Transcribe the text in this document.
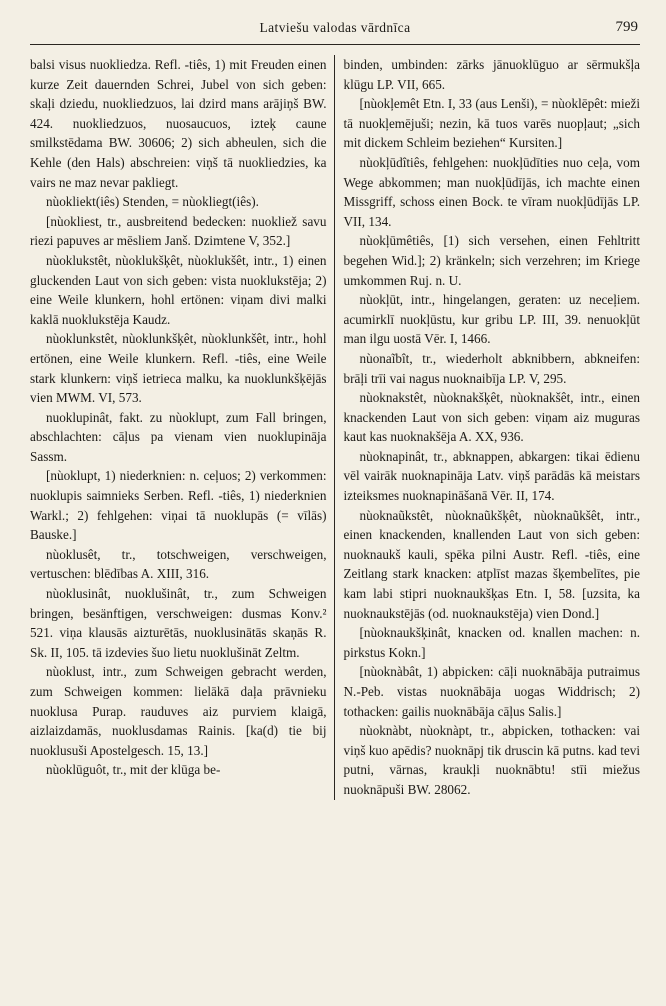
Latviešu valodas vārdnīca	799

balsi visus nuokliedza. Refl. -tiês, 1) mit Freuden einen kurze Zeit dauernden Schrei, Jubel von sich geben: skaļi dziedu, nuokliedzuos, lai dzird mans arājiņš BW. 424. nuokliedzuos, nuosaucuos, izteķ caune smilkstēdama BW. 30606; 2) sich abheulen, sich die Kehle (den Hals) abschreien: viņš tā nuokliedzies, ka vairs ne maz nevar pakliegt.

nùokliekt(iês) Stenden, = nùokliegt(iês).

[nùokliest, tr., ausbreitend bedecken: nuokliež savu riezi papuves ar mēsliem Janš. Dzimtene V, 352.]

nùoklukstêt, nùoklukšķêt, nùoklukšêt, intr., 1) einen gluckenden Laut von sich geben: vista nuoklukstēja; 2) eine Weile klunkern, hohl ertönen: viņam divi malki kaklā nuoklukstēja Kaudz.

nùoklunkstêt, nùoklunkšķêt, nùoklunkšêt, intr., hohl ertönen, eine Weile klunkern. Refl. -tiês, eine Weile stark klunkern: viņš ietrieca malku, ka nuoklunkšķējās vien MWM. VI, 573.

nuoklupinât, fakt. zu nùoklupt, zum Fall bringen, abschlachten: cāļus pa vienam vien nuoklupināja Sassm.

[nùoklupt, 1) niederknien: n. ceļuos; 2) verkommen: nuoklupis saimnieks Serben. Refl. -tiês, 1) niederknien Warkl.; 2) fehlgehen: viņai tā nuoklupās (= vīlās) Bauske.]

nùoklusêt, tr., totschweigen, verschweigen, vertuschen: blēdības A. XIII, 316.

nùoklusinât, nuoklušinât, tr., zum Schweigen bringen, besänftigen, verschweigen: dusmas Konv.² 521. viņa klausās aizturētās, nuoklusinātās skaņās R. Sk. II, 105. tā izdevies šuo lietu nuoklušināt Zeltm.

nùoklust, intr., zum Schweigen gebracht werden, zum Schweigen kommen: lielākā daļa prāvnieku nuoklusa Purap. rauduves aiz purviem klaigā, aizlaizdamās, nuoklusdamas Rainis. [ka(d) tie bij nuoklusuši Apostelgesch. 15, 13.]

nùoklūguôt, tr., mit der klūga be-

binden, umbinden: zārks jānuoklūguo ar sērmukšļa klūgu LP. VII, 665.

[nùokļemêt Etn. I, 33 (aus Lenši), = nùoklēpêt: mieži tā nuokļemējuši; nezin, kā tuos varēs nuopļaut; „sich mit dickem Schleim beziehen“ Kursiten.]

nùokļūdîtiês, fehlgehen: nuokļūdīties nuo ceļa, vom Wege abkommen; man nuokļūdījās, ich machte einen Missgriff, schoss einen Bock. te vīram nuokļūdījās LP. VII, 134.

nùokļūmêtiês, [1) sich versehen, einen Fehltritt begehen Wid.]; 2) kränkeln; sich verzehren; im Kriege umkommen Ruj. n. U.

nùokļūt, intr., hingelangen, geraten: uz neceļiem. acumirklī nuokļūstu, kur gribu LP. III, 39. nenuokļūt man ilgu uostā Vēr. I, 1466.

nùonaĩbît, tr., wiederholt abknibbern, abkneifen: brāļi trīi vai nagus nuoknaibīja LP. V, 295.

nùoknakstêt, nùoknakšķêt, nùoknakšêt, intr., einen knackenden Laut von sich geben: viņam aiz muguras kaut kas nuoknakšēja A. XX, 936.

nùoknapinât, tr., abknappen, abkargen: tikai ēdienu vēl vairāk nuoknapināja Latv. viņš parādās kā meistars izteiksmes nuoknapināšanā Vēr. II, 174.

nùoknaũkstêt, nùoknaũkšķêt, nùoknaũkšêt, intr., einen knackenden, knallenden Laut von sich geben: nuoknaukš kauli, spēka pilni Austr. Refl. -tiês, eine Zeitlang stark knacken: atplīst mazas šķembelītes, pie kam labi stipri nuoknaukšķas Etn. I, 58. [uzsita, ka nuoknaukstējās (od. nuoknaukstēja) vien Dond.]

[nùoknaukšķinât, knacken od. knallen machen: n. pirkstus Kokn.]

[nùoknàbât, 1) abpicken: cāļi nuoknābāja putraimus N.-Peb. vistas nuoknābāja uogas Widdrisch; 2) tothacken: gailis nuoknābāja cāļus Salis.]

nùoknàbt, nùoknàpt, tr., abpicken, tothacken: vai viņš kuo apēdis? nuoknāpj tik druscin kā putns. kad tevi putni, vārnas, kraukļi nuoknābtu! stīi miežus nuoknāpuši BW. 28062.
